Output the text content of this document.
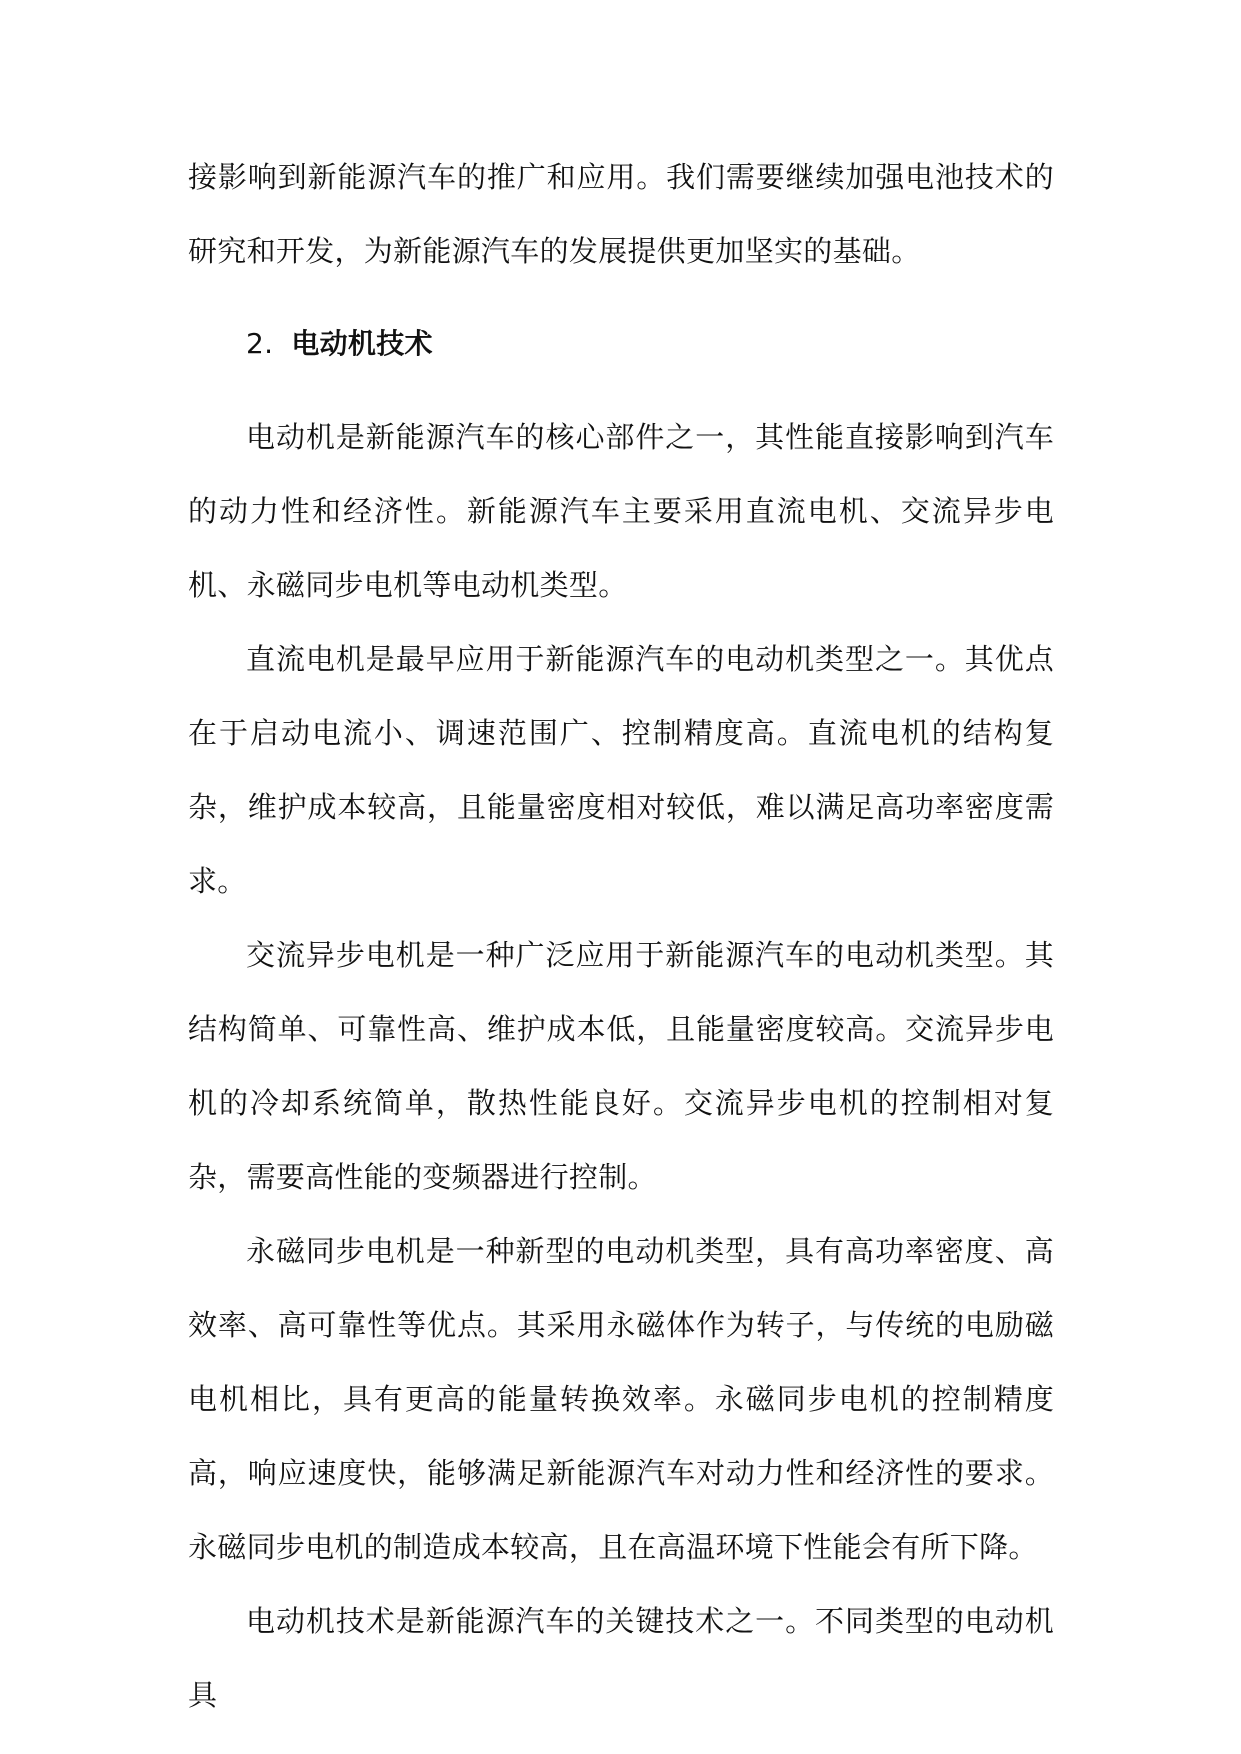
接影响到新能源汽车的推广和应用。我们需要继续加强电池技术的研究和开发，为新能源汽车的发展提供更加坚实的基础。

2. 电动机技术

电动机是新能源汽车的核心部件之一，其性能直接影响到汽车的动力性和经济性。新能源汽车主要采用直流电机、交流异步电机、永磁同步电机等电动机类型。

直流电机是最早应用于新能源汽车的电动机类型之一。其优点在于启动电流小、调速范围广、控制精度高。直流电机的结构复杂，维护成本较高，且能量密度相对较低，难以满足高功率密度需求。

交流异步电机是一种广泛应用于新能源汽车的电动机类型。其结构简单、可靠性高、维护成本低，且能量密度较高。交流异步电机的冷却系统简单，散热性能良好。交流异步电机的控制相对复杂，需要高性能的变频器进行控制。

永磁同步电机是一种新型的电动机类型，具有高功率密度、高效率、高可靠性等优点。其采用永磁体作为转子，与传统的电励磁电机相比，具有更高的能量转换效率。永磁同步电机的控制精度高，响应速度快，能够满足新能源汽车对动力性和经济性的要求。永磁同步电机的制造成本较高，且在高温环境下性能会有所下降。

电动机技术是新能源汽车的关键技术之一。不同类型的电动机具
